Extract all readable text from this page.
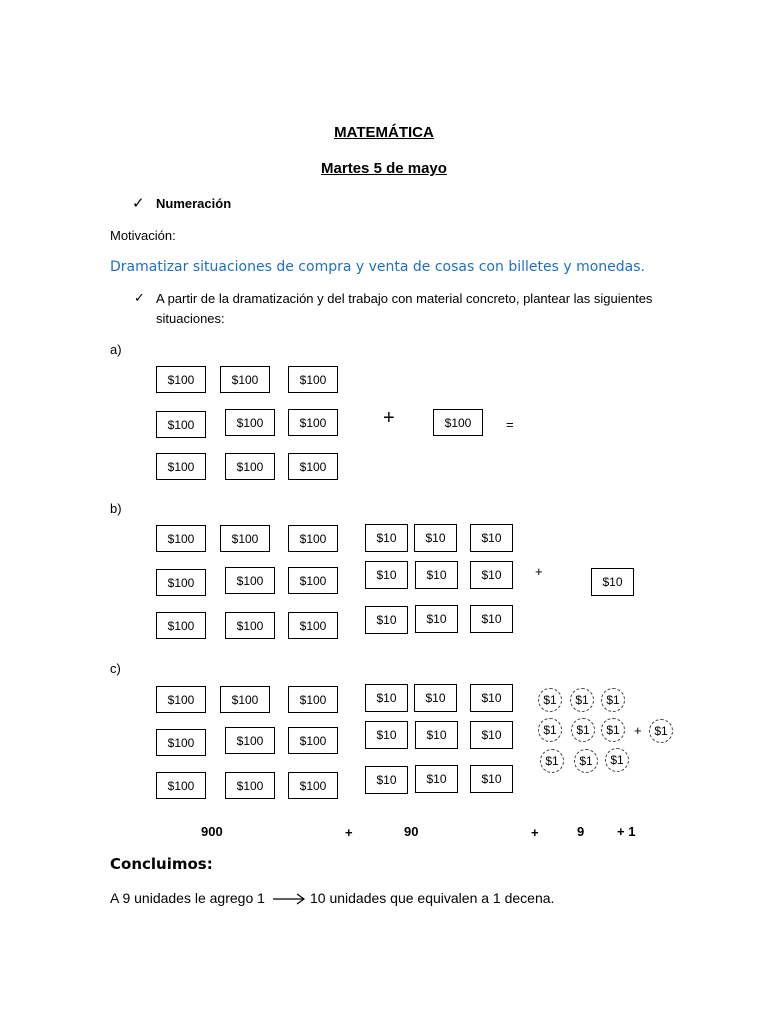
MATEMÁTICA
Martes 5 de mayo
✓ Numeración
Motivación:
Dramatizar situaciones de compra y venta de cosas con billetes y monedas.
✓ A partir de la dramatización y del trabajo con material concreto, plantear las siguientes
situaciones:
a)
b)
c)
$100	$100	$100
$100	$100	$100
$100	$100	$100
+	$100	=
$100	$100	$100
$100	$100	$100
$100	$100	$100
$10	$10	$10
$10	$10	$10
$10	$10	$10
+
$10
$100	$100	$100
$100	$100	$100
$100	$100	$100
$10	$10	$10
$10	$10	$10
$10	$10	$10
$1	$1	$1
$1	$1	$1
$1	$1	$1
+	$1
900	+	90	+	9	+ 1
Concluimos:
A 9 unidades le agrego 1	10 unidades que equivalen a 1 decena.
